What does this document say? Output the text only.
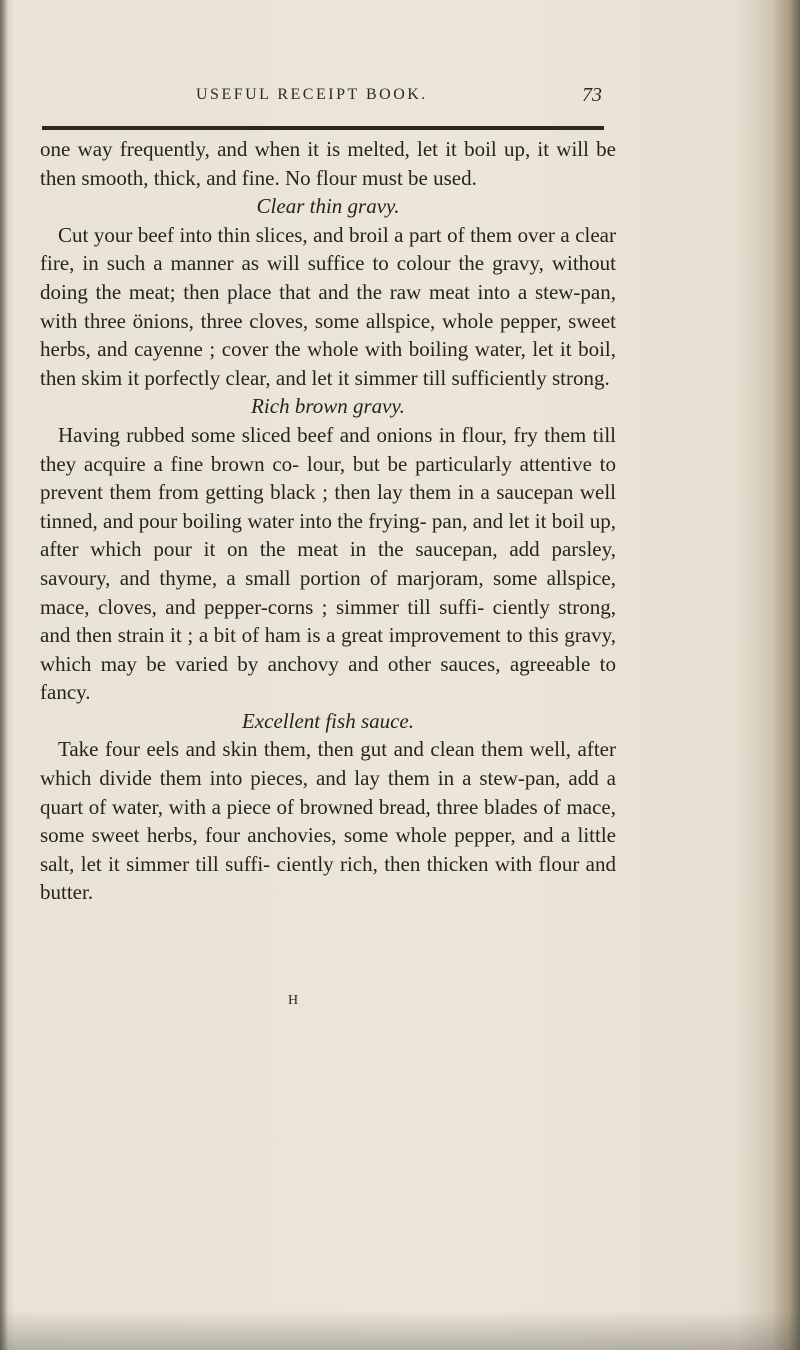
USEFUL RECEIPT BOOK.	73

one way frequently, and when it is melted, let it boil up, it will be then smooth, thick, and fine. No flour must be used.

Clear thin gravy.

Cut your beef into thin slices, and broil a part of them over a clear fire, in such a manner as will suffice to colour the gravy, without doing the meat; then place that and the raw meat into a stew-pan, with three önions, three cloves, some allspice, whole pepper, sweet herbs, and cayenne ; cover the whole with boiling water, let it boil, then skim it porfectly clear, and let it simmer till sufficiently strong.

Rich brown gravy.

Having rubbed some sliced beef and onions in flour, fry them till they acquire a fine brown co- lour, but be particularly attentive to prevent them from getting black ; then lay them in a saucepan well tinned, and pour boiling water into the frying- pan, and let it boil up, after which pour it on the meat in the saucepan, add parsley, savoury, and thyme, a small portion of marjoram, some allspice, mace, cloves, and pepper-corns ; simmer till suffi- ciently strong, and then strain it ; a bit of ham is a great improvement to this gravy, which may be varied by anchovy and other sauces, agreeable to fancy.

Excellent fish sauce.

Take four eels and skin them, then gut and clean them well, after which divide them into pieces, and lay them in a stew-pan, add a quart of water, with a piece of browned bread, three blades of mace, some sweet herbs, four anchovies, some whole pepper, and a little salt, let it simmer till suffi- ciently rich, then thicken with flour and butter.

H
